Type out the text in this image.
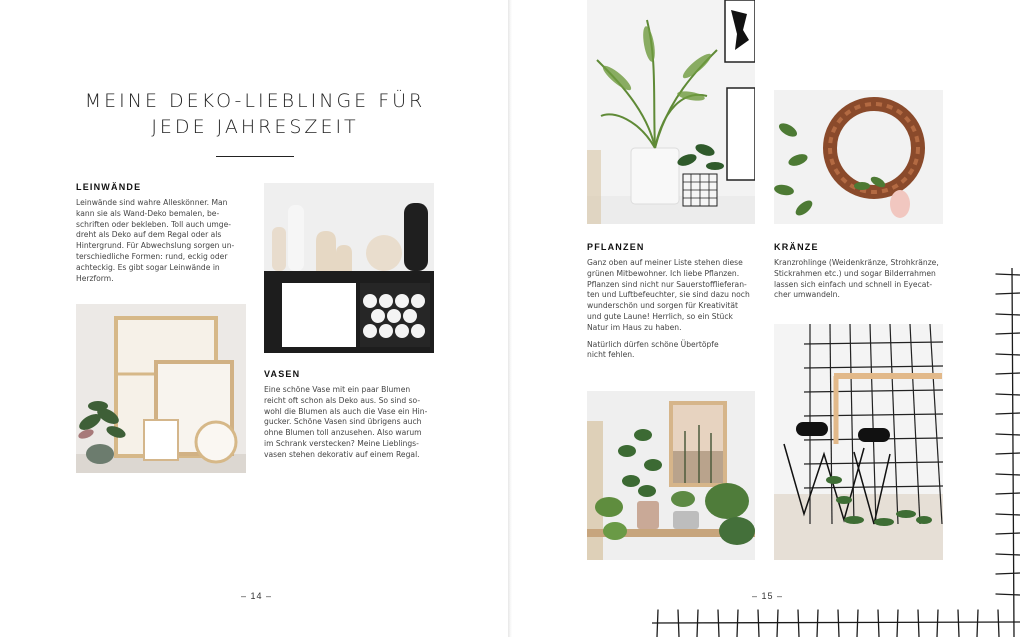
MEINE DEKO-LIEBLINGE FÜR JEDE JAHRESZEIT
LEINWÄNDE
Leinwände sind wahre Alleskönner. Man
kann sie als Wand-Deko bemalen, be-
schriften oder bekleben. Toll auch umge-
dreht als Deko auf dem Regal oder als
Hintergrund. Für Abwechslung sorgen un-
terschiedliche Formen: rund, eckig oder
achteckig. Es gibt sogar Leinwände in
Herzform.
VASEN
Eine schöne Vase mit ein paar Blumen
reicht oft schon als Deko aus. So sind so-
wohl die Blumen als auch die Vase ein Hin-
gucker. Schöne Vasen sind übrigens auch
ohne Blumen toll anzusehen. Also warum
im Schrank verstecken? Meine Lieblings-
vasen stehen dekorativ auf einem Regal.
– 14 –
PFLANZEN
Ganz oben auf meiner Liste stehen diese
grünen Mitbewohner. Ich liebe Pflanzen.
Pflanzen sind nicht nur Sauerstofflieferan-
ten und Luftbefeuchter, sie sind dazu noch
wunderschön und sorgen für Kreativität
und gute Laune! Herrlich, so ein Stück
Natur im Haus zu haben.
Natürlich dürfen schöne Übertöpfe
nicht fehlen.
KRÄNZE
Kranzrohlinge (Weidenkränze, Strohkränze,
Stickrahmen etc.) und sogar Bilderrahmen
lassen sich einfach und schnell in Eyecat-
cher umwandeln.
– 15 –
